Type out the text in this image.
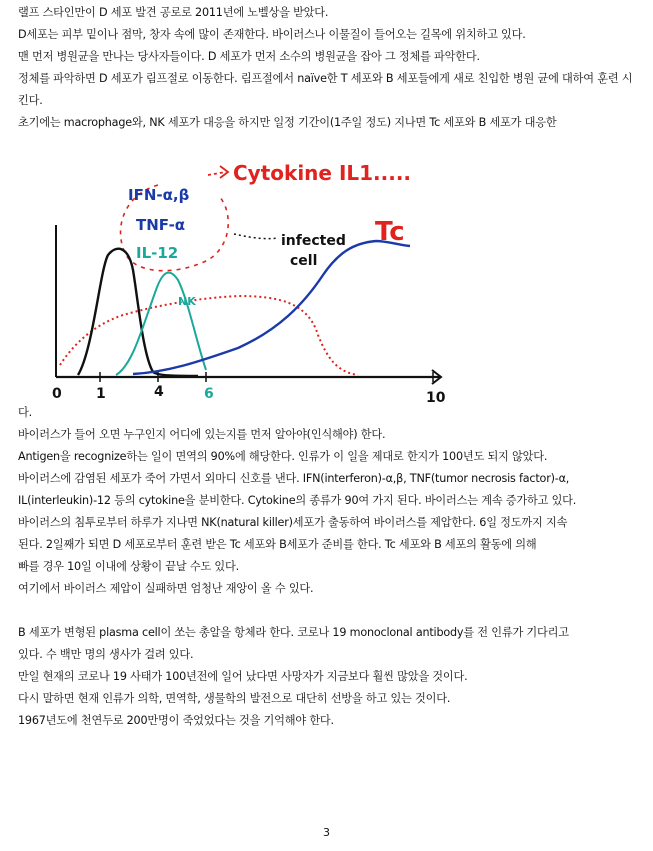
랠프 스타인만이 D 세포 발견 공로로 2011년에 노벨상을 받았다.
D세포는 피부 밑이나 점막, 창자 속에 많이 존재한다. 바이러스나 이물질이 들어오는 길목에 위치하고 있다.
맨 먼저 병원균을 만나는 당사자들이다. D 세포가 먼저 소수의 병원균을 잡아 그 정체를 파악한다.
정체를 파악하면 D 세포가 림프절로 이동한다. 림프절에서 naïve한 T 세포와 B 세포들에게 새로 친입한 병원 균에 대하여 훈련 시킨다.
초기에는 macrophage와, NK 세포가 대응을 하지만 일정 기간이(1주일 정도) 지나면 Tc 세포와 B 세포가 대응한
Cytokine IL1.....
IFN-α,β
TNF-α
IL-12
infected
cell
Tc
NK
0 1	4	6	10
다.
바이러스가 들어 오면 누구인지 어디에 있는지를 먼저 알아야(인식해야) 한다.
Antigen을 recognize하는 일이 면역의 90%에 해당한다. 인류가 이 일을 제대로 한지가 100년도 되지 않았다.
바이러스에 감염된 세포가 죽어 가면서 외마디 신호를 낸다. IFN(interferon)-α,β, TNF(tumor necrosis factor)-α,
IL(interleukin)-12 등의 cytokine을 분비한다. Cytokine의 종류가 90여 가지 된다. 바이러스는 계속 증가하고 있다.
바이러스의 침투로부터 하루가 지나면 NK(natural killer)세포가 출동하여 바이러스를 제압한다. 6일 정도까지 지속
된다. 2일째가 되면 D 세포로부터 훈련 받은 Tc 세포와 B세포가 준비를 한다. Tc 세포와 B 세포의 활동에 의해
빠를 경우 10일 이내에 상황이 끝날 수도 있다.
여기에서 바이러스 제압이 실패하면 엄청난 재앙이 올 수 있다.
B 세포가 변형된 plasma cell이 쏘는 총알을 항체라 한다. 코로나 19 monoclonal antibody를 전 인류가 기다리고
있다. 수 백만 명의 생사가 걸려 있다.
만일 현재의 코로나 19 사태가 100년전에 일어 났다면 사망자가 지금보다 훨씬 많았을 것이다.
다시 말하면 현재 인류가 의학, 면역학, 생물학의 발전으로 대단히 선방을 하고 있는 것이다.
1967년도에 천연두로 200만명이 죽었었다는 것을 기억해야 한다.
3
